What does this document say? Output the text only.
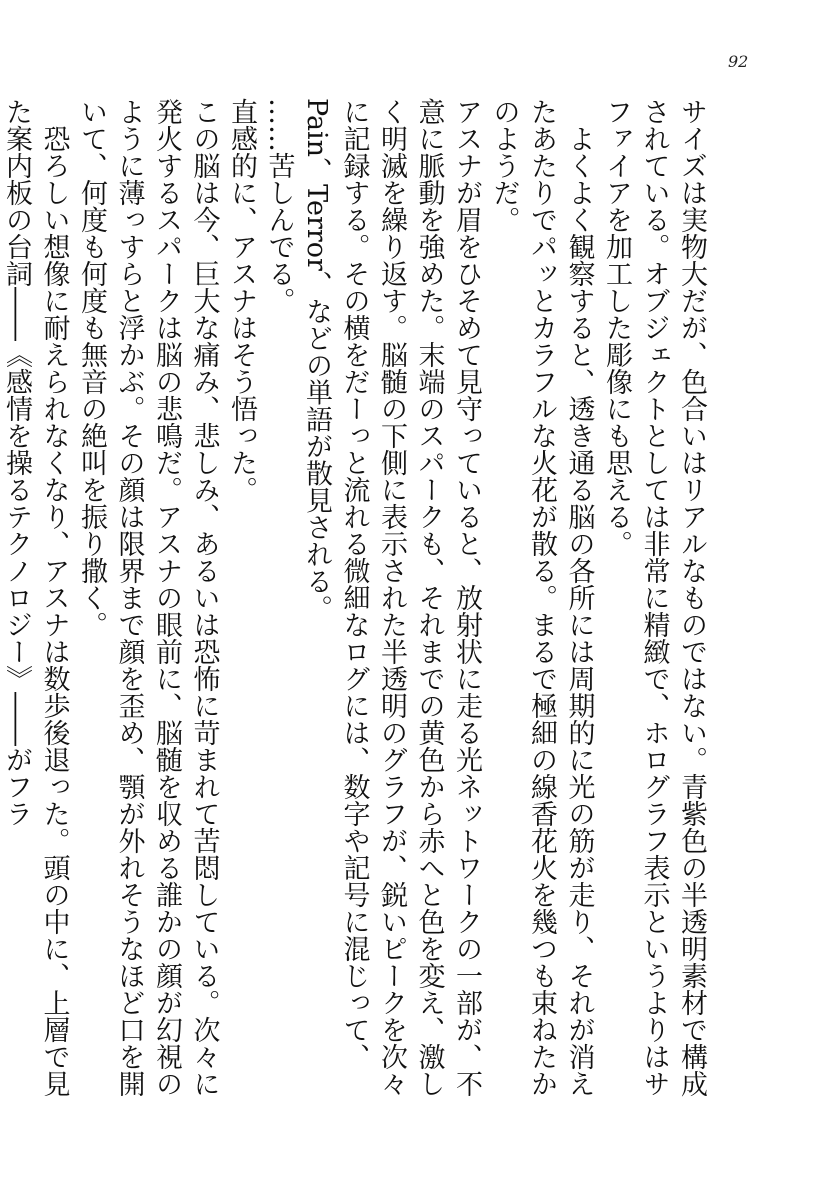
92

サイズは実物大だが、色合いはリアルなものではない。青紫色の半透明素材で構成されている。オブジェクトとしては非常に精緻で、ホログラフ表示というよりはサファイアを加工した彫像にも思える。

よくよく観察すると、透き通る脳の各所には周期的に光の筋が走り、それが消えたあたりでパッとカラフルな火花が散る。まるで極細の線香花火を幾つも束ねたかのようだ。

アスナが眉をひそめて見守っていると、放射状に走る光ネットワークの一部が、不意に脈動を強めた。末端のスパークも、それまでの黄色から赤へと色を変え、激しく明滅を繰り返す。脳髄の下側に表示された半透明のグラフが、鋭いピークを次々に記録する。その横をだーっと流れる微細なログには、数字や記号に混じって、Pain、Terror、などの単語が散見される。

……苦しんでる。

直感的に、アスナはそう悟った。

この脳は今、巨大な痛み、悲しみ、あるいは恐怖に苛まれて苦悶している。次々に発火するスパークは脳の悲鳴だ。アスナの眼前に、脳髄を収める誰かの顔が幻視のように薄っすらと浮かぶ。その顔は限界まで顔を歪め、顎が外れそうなほど口を開いて、何度も何度も無音の絶叫を振り撒く。

恐ろしい想像に耐えられなくなり、アスナは数歩後退った。頭の中に、上層で見た案内板の台詞――《感情を操るテクノロジー》――がフラ
